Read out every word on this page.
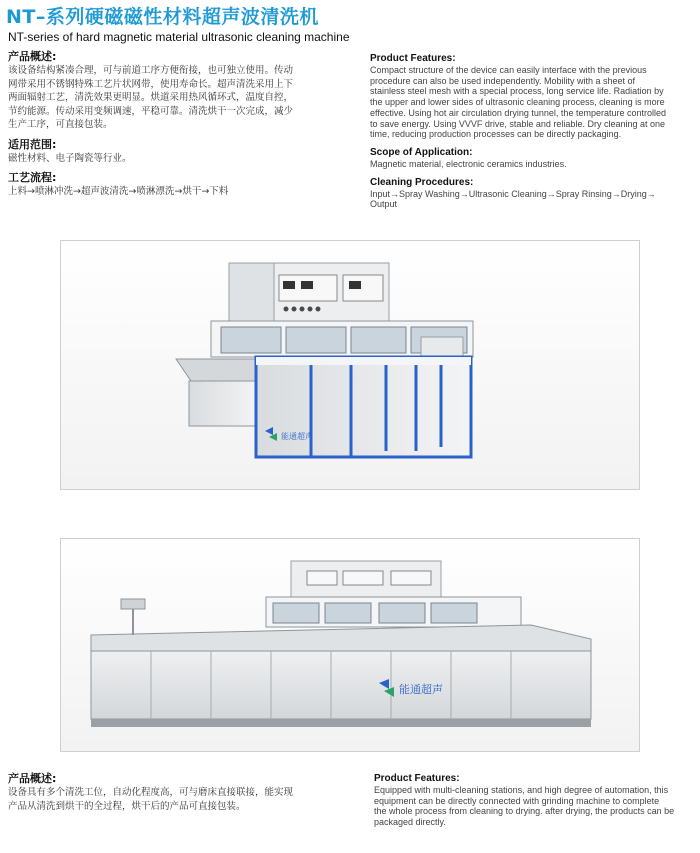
NT–系列硬磁磁性材料超声波清洗机
NT-series of hard magnetic material ultrasonic cleaning machine
产品概述:
该设备结构紧凑合理，可与前道工序方便衔接，也可独立使用。传动
网带采用不锈钢特殊工艺片状网带，使用寿命长。超声清洗采用上下
两面辐射工艺，清洗效果更明显。烘道采用热风循环式，温度自控，
节约能源。传动采用变频调速，平稳可靠。清洗烘干一次完成，减少
生产工序，可直接包装。
适用范围:
磁性材料、电子陶瓷等行业。
工艺流程:
上料→喷淋冲洗→超声波清洗→喷淋漂洗→烘干→下料
Product Features:
Compact structure of the device can easily interface with the previous
procedure can also be used independently. Mobility with a sheet of
stainless steel mesh with a special process, long service life. Radiation by
the upper and lower sides of ultrasonic cleaning process, cleaning is more
effective. Using hot air circulation drying tunnel, the temperature controlled
to save energy. Using VVVF drive, stable and reliable. Dry cleaning at one
time, reducing production processes can be directly packaging.
Scope of Application:
Magnetic material, electronic ceramics industries.
Cleaning Procedures:
Input→Spray Washing→Ultrasonic Cleaning→Spray Rinsing→Drying→
Output
能通超声
能通超声
产品概述:
设备具有多个清洗工位，自动化程度高，可与磨床直接联接，能实现
产品从清洗到烘干的全过程，烘干后的产品可直接包装。
Product Features:
Equipped with multi-cleaning stations, and high degree of automation, this
equipment can be directly connected with grinding machine to complete
the whole process from cleaning to drying. after drying, the products can be
packaged directly.
